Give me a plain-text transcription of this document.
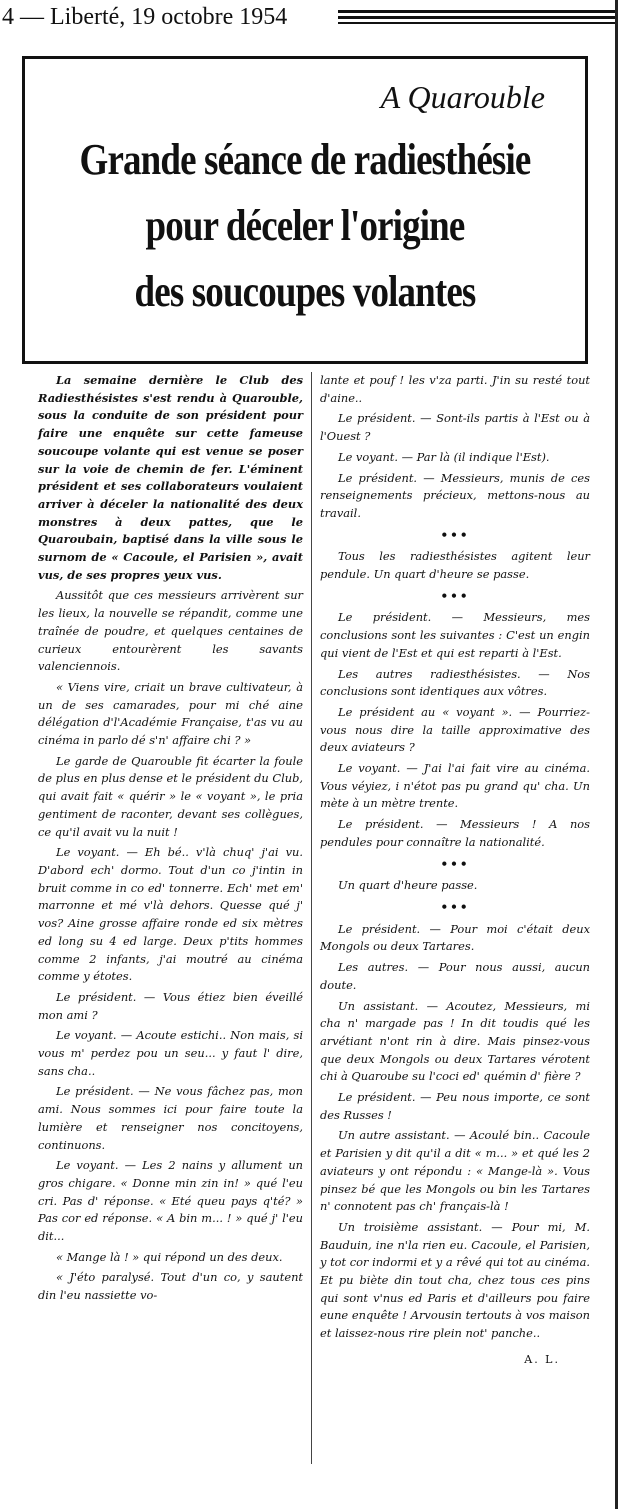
4 — Liberté, 19 octobre 1954
A Quarouble
Grande séance de radiesthésie
pour déceler l'origine
des soucoupes volantes

La semaine dernière le Club des Radiesthésistes s'est rendu à Quarouble, sous la conduite de son président pour faire une enquête sur cette fameuse soucoupe volante qui est venue se poser sur la voie de chemin de fer. L'éminent président et ses collaborateurs voulaient arriver à déceler la nationalité des deux monstres à deux pattes, que le Quaroubain, baptisé dans la ville sous le surnom de « Cacoule, el Parisien », avait vus, de ses propres yeux vus.

Aussitôt que ces messieurs arrivèrent sur les lieux, la nouvelle se répandit, comme une traînée de poudre, et quelques centaines de curieux entourèrent les savants valenciennois.

« Viens vire, criait un brave cultivateur, à un de ses camarades, pour mi ché aine délégation d'l'Académie Française, t'as vu au cinéma in parlo dé s'n' affaire chi ? »

Le garde de Quarouble fit écarter la foule de plus en plus dense et le président du Club, qui avait fait « quérir » le « voyant », le pria gentiment de raconter, devant ses collègues, ce qu'il avait vu la nuit !

Le voyant. — Eh bé.. v'là chuq' j'ai vu. D'abord ech' dormo. Tout d'un co j'intin in bruit comme in co ed' tonnerre. Ech' met em' marronne et mé v'là dehors. Quesse qué j' vos? Aine grosse affaire ronde ed six mètres ed long su 4 ed large. Deux p'tits hommes comme 2 infants, j'ai moutré au cinéma comme y étotes.

Le président. — Vous étiez bien éveillé mon ami ?

Le voyant. — Acoute estichi.. Non mais, si vous m' perdez pou un seu... y faut l' dire, sans cha..

Le président. — Ne vous fâchez pas, mon ami. Nous sommes ici pour faire toute la lumière et renseigner nos concitoyens, continuons.

Le voyant. — Les 2 nains y allument un gros chigare. « Donne min zin in! » qué l'eu cri. Pas d' réponse. « Eté queu pays q'té? » Pas cor ed réponse. « A bin m... ! » qué j' l'eu dit...

« Mange là ! » qui répond un des deux.

« J'éto paralysé. Tout d'un co, y sautent din l'eu nassiette vo-

lante et pouf ! les v'za parti. J'in su resté tout d'aine..

Le président. — Sont-ils partis à l'Est ou à l'Ouest ?

Le voyant. — Par là (il indique l'Est).

Le président. — Messieurs, munis de ces renseignements précieux, mettons-nous au travail.

•••

Tous les radiesthésistes agitent leur pendule. Un quart d'heure se passe.

•••

Le président. — Messieurs, mes conclusions sont les suivantes : C'est un engin qui vient de l'Est et qui est reparti à l'Est.

Les autres radiesthésistes. — Nos conclusions sont identiques aux vôtres.

Le président au « voyant ». — Pourriez-vous nous dire la taille approximative des deux aviateurs ?

Le voyant. — J'ai l'ai fait vire au cinéma. Vous véyiez, i n'étot pas pu grand qu' cha. Un mète à un mètre trente.

Le président. — Messieurs ! A nos pendules pour connaître la nationalité.

•••

Un quart d'heure passe.

•••

Le président. — Pour moi c'était deux Mongols ou deux Tartares.

Les autres. — Pour nous aussi, aucun doute.

Un assistant. — Acoutez, Messieurs, mi cha n' margade pas ! In dit toudis qué les arvétiant n'ont rin à dire. Mais pinsez-vous que deux Mongols ou deux Tartares vérotent chi à Quaroube su l'coci ed' quémin d' fière ?

Le président. — Peu nous importe, ce sont des Russes !

Un autre assistant. — Acoulé bin.. Cacoule et Parisien y dit qu'il a dit « m... » et qué les 2 aviateurs y ont répondu : « Mange-là ». Vous pinsez bé que les Mongols ou bin les Tartares n' connotent pas ch' français-là !

Un troisième assistant. — Pour mi, M. Bauduin, ine n'la rien eu. Cacoule, el Parisien, y tot cor indormi et y a rêvé qui tot au cinéma. Et pu biète din tout cha, chez tous ces pins qui sont v'nus ed Paris et d'ailleurs pou faire eune enquête ! Arvousin tertouts à vos maison et laissez-nous rire plein not' panche..

A. L.
